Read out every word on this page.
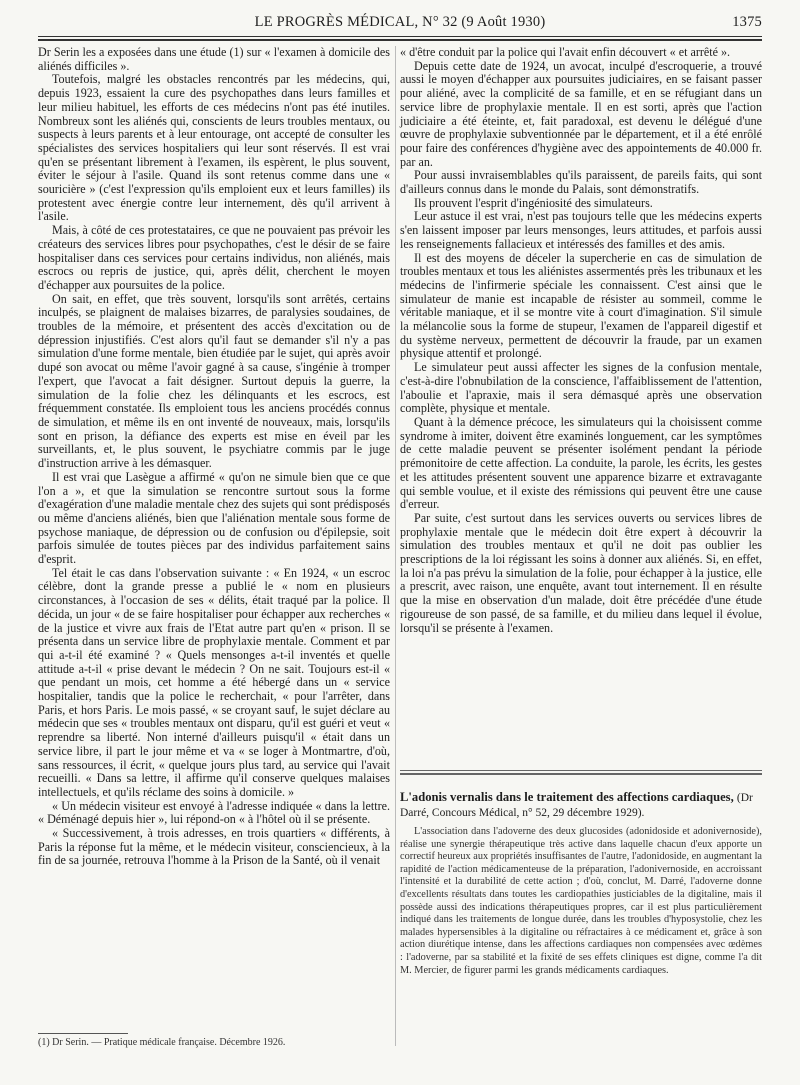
LE PROGRÈS MÉDICAL, N° 32 (9 Août 1930)	1375

Dr Serin les a exposées dans une étude (1) sur « l'examen à domicile des aliénés difficiles ».

Toutefois, malgré les obstacles rencontrés par les médecins, qui, depuis 1923, essaient la cure des psychopathes dans leurs familles et leur milieu habituel, les efforts de ces médecins n'ont pas été inutiles. Nombreux sont les aliénés qui, conscients de leurs troubles mentaux, ou suspects à leurs parents et à leur entourage, ont accepté de consulter les spécialistes des services hospitaliers qui leur sont réservés. Il est vrai qu'en se présentant librement à l'examen, ils espèrent, le plus souvent, éviter le séjour à l'asile. Quand ils sont retenus comme dans une « souricière » (c'est l'expression qu'ils emploient eux et leurs familles) ils protestent avec énergie contre leur internement, dès qu'il arrivent à l'asile.

Mais, à côté de ces protestataires, ce que ne pouvaient pas prévoir les créateurs des services libres pour psychopathes, c'est le désir de se faire hospitaliser dans ces services pour certains individus, non aliénés, mais escrocs ou repris de justice, qui, après délit, cherchent le moyen d'échapper aux poursuites de la police.

On sait, en effet, que très souvent, lorsqu'ils sont arrêtés, certains inculpés, se plaignent de malaises bizarres, de paralysies soudaines, de troubles de la mémoire, et présentent des accès d'excitation ou de dépression injustifiés. C'est alors qu'il faut se demander s'il n'y a pas simulation d'une forme mentale, bien étudiée par le sujet, qui après avoir dupé son avocat ou même l'avoir gagné à sa cause, s'ingénie à tromper l'expert, que l'avocat a fait désigner. Surtout depuis la guerre, la simulation de la folie chez les délinquants et les escrocs, est fréquemment constatée. Ils emploient tous les anciens procédés connus de simulation, et même ils en ont inventé de nouveaux, mais, lorsqu'ils sont en prison, la défiance des experts est mise en éveil par les surveillants, et, le plus souvent, le psychiatre commis par le juge d'instruction arrive à les démasquer.

Il est vrai que Lasègue a affirmé « qu'on ne simule bien que ce que l'on a », et que la simulation se rencontre surtout sous la forme d'exagération d'une maladie mentale chez des sujets qui sont prédisposés ou même d'anciens aliénés, bien que l'aliénation mentale sous forme de psychose maniaque, de dépression ou de confusion ou d'épilepsie, soit parfois simulée de toutes pièces par des individus parfaitement sains d'esprit.

Tel était le cas dans l'observation suivante : « En 1924, « un escroc célèbre, dont la grande presse a publié le « nom en plusieurs circonstances, à l'occasion de ses « délits, était traqué par la police. Il décida, un jour « de se faire hospitaliser pour échapper aux recherches « de la justice et vivre aux frais de l'Etat autre part qu'en « prison. Il se présenta dans un service libre de prophylaxie mentale. Comment et par qui a-t-il été examiné ? « Quels mensonges a-t-il inventés et quelle attitude a-t-il « prise devant le médecin ? On ne sait. Toujours est-il « que pendant un mois, cet homme a été hébergé dans un « service hospitalier, tandis que la police le recherchait, « pour l'arrêter, dans Paris, et hors Paris. Le mois passé, « se croyant sauf, le sujet déclare au médecin que ses « troubles mentaux ont disparu, qu'il est guéri et veut « reprendre sa liberté. Non interné d'ailleurs puisqu'il « était dans un service libre, il part le jour même et va « se loger à Montmartre, d'où, sans ressources, il écrit, « quelque jours plus tard, au service qui l'avait recueilli. « Dans sa lettre, il affirme qu'il conserve quelques malaises intellectuels, et qu'ils réclame des soins à domicile. »

« Un médecin visiteur est envoyé à l'adresse indiquée « dans la lettre. « Déménagé depuis hier », lui répond-on « à l'hôtel où il se présente.

« Successivement, à trois adresses, en trois quartiers « différents, à Paris la réponse fut la même, et le médecin visiteur, consciencieux, à la fin de sa journée, retrouva l'homme à la Prison de la Santé, où il venait

« d'être conduit par la police qui l'avait enfin découvert « et arrêté ».

Depuis cette date de 1924, un avocat, inculpé d'escroquerie, a trouvé aussi le moyen d'échapper aux poursuites judiciaires, en se faisant passer pour aliéné, avec la complicité de sa famille, et en se réfugiant dans un service libre de prophylaxie mentale. Il en est sorti, après que l'action judiciaire a été éteinte, et, fait paradoxal, est devenu le délégué d'une œuvre de prophylaxie subventionnée par le département, et il a été enrôlé pour faire des conférences d'hygiène avec des appointements de 40.000 fr. par an.

Pour aussi invraisemblables qu'ils paraissent, de pareils faits, qui sont d'ailleurs connus dans le monde du Palais, sont démonstratifs.

Ils prouvent l'esprit d'ingéniosité des simulateurs.

Leur astuce il est vrai, n'est pas toujours telle que les médecins experts s'en laissent imposer par leurs mensonges, leurs attitudes, et parfois aussi les renseignements fallacieux et intéressés des familles et des amis.

Il est des moyens de déceler la supercherie en cas de simulation de troubles mentaux et tous les aliénistes assermentés près les tribunaux et les médecins de l'infirmerie spéciale les connaissent. C'est ainsi que le simulateur de manie est incapable de résister au sommeil, comme le véritable maniaque, et il se montre vite à court d'imagination. S'il simule la mélancolie sous la forme de stupeur, l'examen de l'appareil digestif et du système nerveux, permettent de découvrir la fraude, par un examen physique attentif et prolongé.

Le simulateur peut aussi affecter les signes de la confusion mentale, c'est-à-dire l'obnubilation de la conscience, l'affaiblissement de l'attention, l'aboulie et l'apraxie, mais il sera démasqué après une observation complète, physique et mentale.

Quant à la démence précoce, les simulateurs qui la choisissent comme syndrome à imiter, doivent être examinés longuement, car les symptômes de cette maladie peuvent se présenter isolément pendant la période prémonitoire de cette affection. La conduite, la parole, les écrits, les gestes et les attitudes présentent souvent une apparence bizarre et extravagante qui semble voulue, et il existe des rémissions qui peuvent être une cause d'erreur.

Par suite, c'est surtout dans les services ouverts ou services libres de prophylaxie mentale que le médecin doit être expert à découvrir la simulation des troubles mentaux et qu'il ne doit pas oublier les prescriptions de la loi régissant les soins à donner aux aliénés. Si, en effet, la loi n'a pas prévu la simulation de la folie, pour échapper à la justice, elle a prescrit, avec raison, une enquête, avant tout internement. Il en résulte que la mise en observation d'un malade, doit être précédée d'une étude rigoureuse de son passé, de sa famille, et du milieu dans lequel il évolue, lorsqu'il se présente à l'examen.

L'adonis vernalis dans le traitement des affections cardiaques, (Dr Darré, Concours Médical, n° 52, 29 décembre 1929).

L'association dans l'adoverne des deux glucosides (adonidoside et adonivernoside), réalise une synergie thérapeutique très active dans laquelle chacun d'eux apporte un correctif heureux aux propriétés insuffisantes de l'autre, l'adonidoside, en augmentant la rapidité de l'action médicamenteuse de la préparation, l'adonivernoside, en accroissant l'intensité et la durabilité de cette action ; d'où, conclut, M. Darré, l'adoverne donne d'excellents résultats dans toutes les cardiopathies justiciables de la digitaline, mais il possède aussi des indications thérapeutiques propres, car il est plus particulièrement indiqué dans les traitements de longue durée, dans les troubles d'hyposystolie, chez les malades hypersensibles à la digitaline ou réfractaires à ce médicament et, grâce à son action diurétique intense, dans les affections cardiaques non compensées avec œdèmes : l'adoverne, par sa stabilité et la fixité de ses effets cliniques est digne, comme l'a dit M. Mercier, de figurer parmi les grands médicaments cardiaques.

(1) Dr Serin. — Pratique médicale française. Décembre 1926.
